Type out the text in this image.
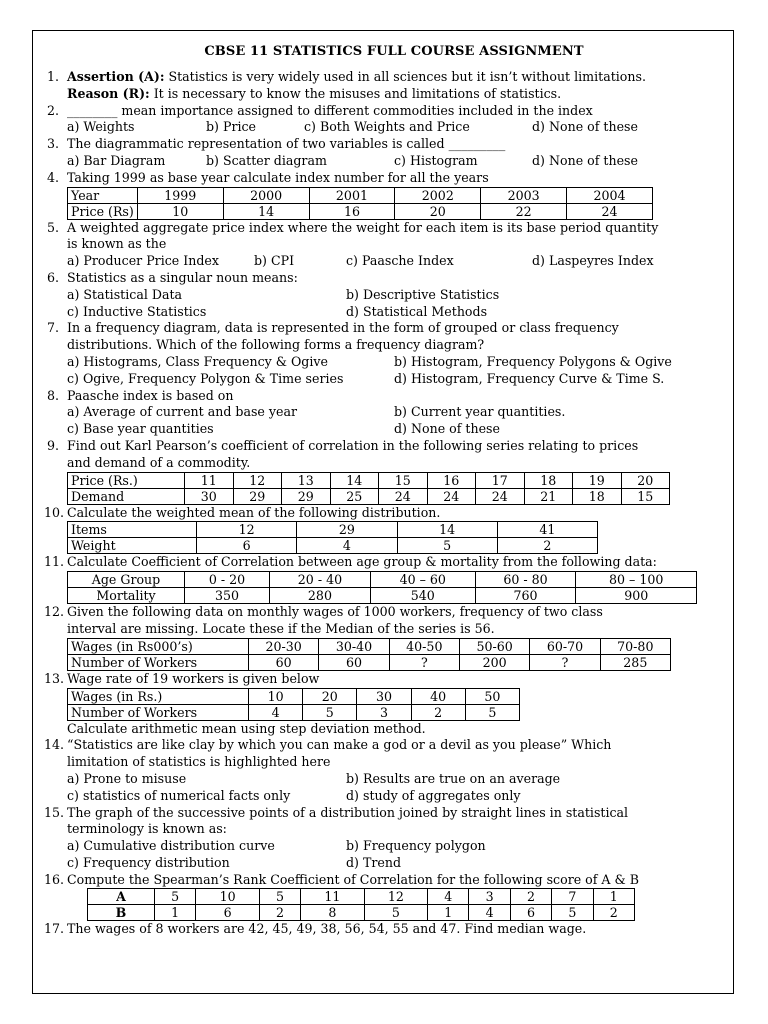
CBSE 11 STATISTICS FULL COURSE ASSIGNMENT
1. Assertion (A): Statistics is very widely used in all sciences but it isn’t without limitations.
Reason (R): It is necessary to know the misuses and limitations of statistics.
2. ________ mean importance assigned to different commodities included in the index
a) Weights	b) Price	c) Both Weights and Price	d) None of these
3. The diagrammatic representation of two variables is called _________
a) Bar Diagram	b) Scatter diagram	c) Histogram	d) None of these
4. Taking 1999 as base year calculate index number for all the years
Year	1999	2000	2001	2002	2003	2004
Price (Rs)	10	14	16	20	22	24
5. A weighted aggregate price index where the weight for each item is its base period quantity
is known as the
a) Producer Price Index	b) CPI	c) Paasche Index	d) Laspeyres Index
6. Statistics as a singular noun means:
a) Statistical Data	b) Descriptive Statistics
c) Inductive Statistics	d) Statistical Methods
7. In a frequency diagram, data is represented in the form of grouped or class frequency
distributions. Which of the following forms a frequency diagram?
a) Histograms, Class Frequency & Ogive	b) Histogram, Frequency Polygons & Ogive
c) Ogive, Frequency Polygon & Time series	d) Histogram, Frequency Curve & Time S.
8. Paasche index is based on
a) Average of current and base year	b) Current year quantities.
c) Base year quantities	d) None of these
9. Find out Karl Pearson’s coefficient of correlation in the following series relating to prices
and demand of a commodity.
Price (Rs.)	11	12	13	14	15	16	17	18	19	20
Demand	30	29	29	25	24	24	24	21	18	15
10. Calculate the weighted mean of the following distribution.
Items	12	29	14	41
Weight	6	4	5	2
11. Calculate Coefficient of Correlation between age group & mortality from the following data:
Age Group	0 - 20	20 - 40	40 – 60	60 - 80	80 – 100
Mortality	350	280	540	760	900
12. Given the following data on monthly wages of 1000 workers, frequency of two class
interval are missing. Locate these if the Median of the series is 56.
Wages (in Rs000’s)	20-30	30-40	40-50	50-60	60-70	70-80
Number of Workers	60	60	?	200	?	285
13. Wage rate of 19 workers is given below
Wages (in Rs.)	10	20	30	40	50
Number of Workers	4	5	3	2	5
Calculate arithmetic mean using step deviation method.
14. “Statistics are like clay by which you can make a god or a devil as you please” Which
limitation of statistics is highlighted here
a) Prone to misuse	b) Results are true on an average
c) statistics of numerical facts only	d) study of aggregates only
15. The graph of the successive points of a distribution joined by straight lines in statistical
terminology is known as:
a) Cumulative distribution curve	b) Frequency polygon
c) Frequency distribution	d) Trend
16. Compute the Spearman’s Rank Coefficient of Correlation for the following score of A & B
A	5	10	5	11	12	4	3	2	7	1
B	1	6	2	8	5	1	4	6	5	2
17. The wages of 8 workers are 42, 45, 49, 38, 56, 54, 55 and 47. Find median wage.
